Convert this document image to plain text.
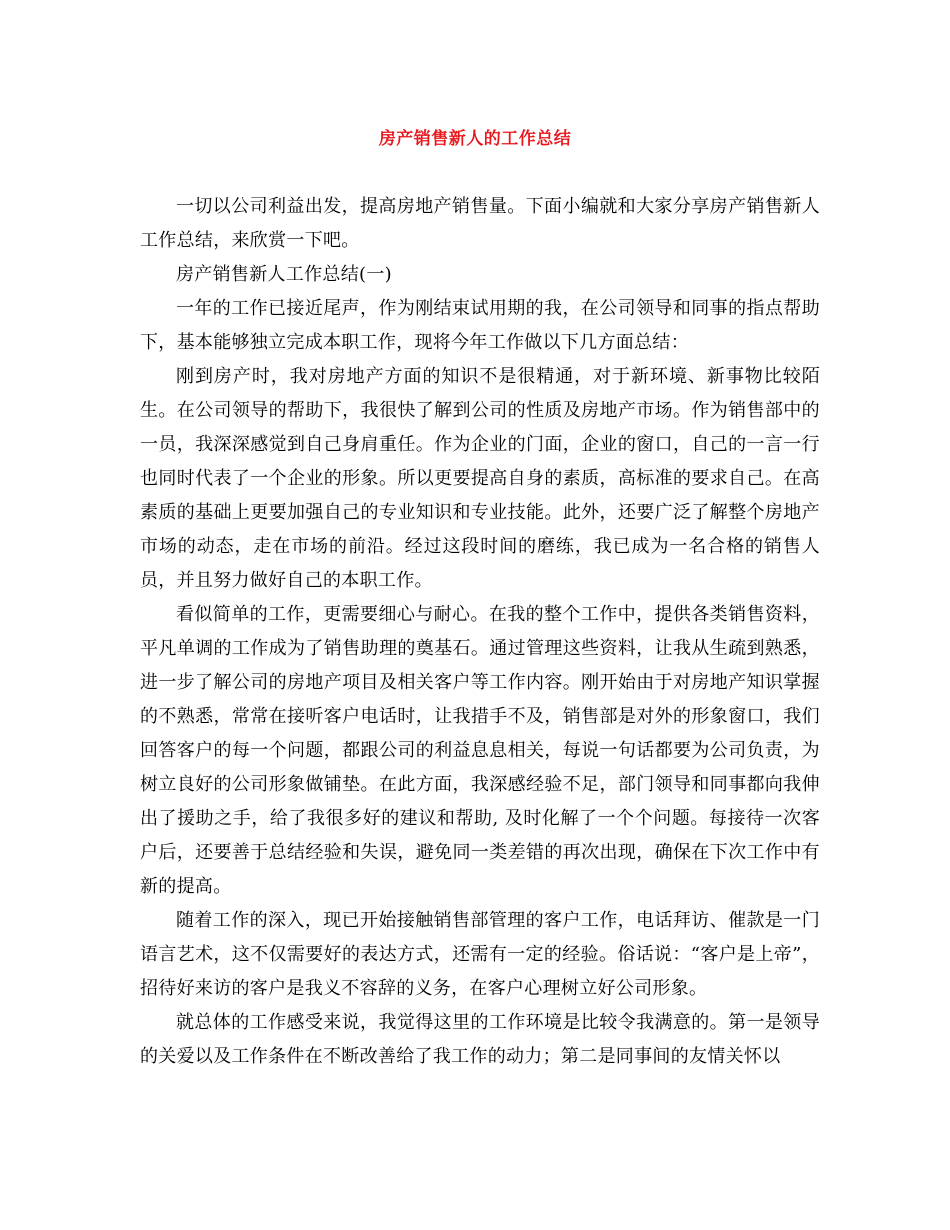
房产销售新人的工作总结

一切以公司利益出发，提高房地产销售量。下面小编就和大家分享房产销售新人工作总结，来欣赏一下吧。

房产销售新人工作总结(一)

一年的工作已接近尾声，作为刚结束试用期的我，在公司领导和同事的指点帮助下，基本能够独立完成本职工作，现将今年工作做以下几方面总结：

刚到房产时，我对房地产方面的知识不是很精通，对于新环境、新事物比较陌生。在公司领导的帮助下，我很快了解到公司的性质及房地产市场。作为销售部中的一员，我深深感觉到自己身肩重任。作为企业的门面，企业的窗口，自己的一言一行也同时代表了一个企业的形象。所以更要提高自身的素质，高标准的要求自己。在高素质的基础上更要加强自己的专业知识和专业技能。此外，还要广泛了解整个房地产市场的动态，走在市场的前沿。经过这段时间的磨练，我已成为一名合格的销售人员，并且努力做好自己的本职工作。

看似简单的工作，更需要细心与耐心。在我的整个工作中，提供各类销售资料，平凡单调的工作成为了销售助理的奠基石。通过管理这些资料，让我从生疏到熟悉，进一步了解公司的房地产项目及相关客户等工作内容。刚开始由于对房地产知识掌握的不熟悉，常常在接听客户电话时，让我措手不及，销售部是对外的形象窗口，我们回答客户的每一个问题，都跟公司的利益息息相关，每说一句话都要为公司负责，为树立良好的公司形象做铺垫。在此方面，我深感经验不足，部门领导和同事都向我伸出了援助之手，给了我很多好的建议和帮助, 及时化解了一个个问题。每接待一次客户后，还要善于总结经验和失误，避免同一类差错的再次出现，确保在下次工作中有新的提高。

随着工作的深入，现已开始接触销售部管理的客户工作，电话拜访、催款是一门语言艺术，这不仅需要好的表达方式，还需有一定的经验。俗话说：“客户是上帝”，招待好来访的客户是我义不容辞的义务，在客户心理树立好公司形象。

就总体的工作感受来说，我觉得这里的工作环境是比较令我满意的。第一是领导的关爱以及工作条件在不断改善给了我工作的动力；第二是同事间的友情关怀以
